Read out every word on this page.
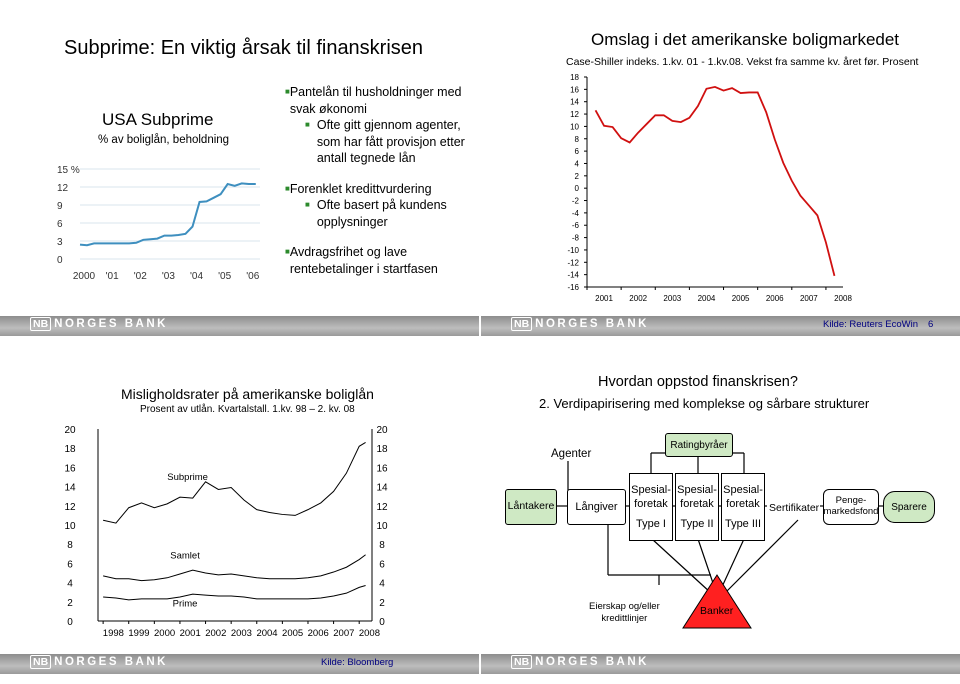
Subprime: En viktig årsak til finanskrisen
USA Subprime
% av boliglån, beholdning
0
3
6
9
12
15 %
2000 '01 '02 '03 '04 '05 '06
■ Pantelån til husholdninger med svak økonomi
■ Ofte gitt gjennom agenter, som har fått provisjon etter antall tegnede lån
■ Forenklet kredittvurdering
■ Ofte basert på kundens opplysninger
■ Avdragsfrihet og lave rentebetalinger i startfasen
NB NORGES BANK
Omslag i det amerikanske boligmarkedet
Case-Shiller indeks. 1.kv. 01 - 1.kv.08. Vekst fra samme kv. året før. Prosent
18
16
14
12
10
8
6
4
2
0
-2
-4
-6
-8
-10
-12
-14
-16
2001 2002 2003 2004 2005 2006 2007 2008
NB NORGES BANK	Kilde: Reuters EcoWin 6
Misligholdsrater på amerikanske boliglån
Prosent av utlån. Kvartalstall. 1.kv. 98 – 2. kv. 08
0	0
2	2
4	4
6	6
8	8
10	10
12	12
14	14
16	16
18	18
20	20
1998 1999 2000 2001 2002 2003 2004 2005 2006 2007 2008
Subprime
Samlet
Prime
NB NORGES BANK	Kilde: Bloomberg
Hvordan oppstod finanskrisen?
2. Verdipapirisering med komplekse og sårbare strukturer
Agenter
Ratingbyråer
Låntakere Långiver
Spesial-
foretak
Type I
Spesial-
foretak
Type II
Spesial-
foretak
Type III
Sertifikater
Penge-
markedsfond Sparere
Eierskap og/eller
kredittlinjer
Banker
NB NORGES BANK
